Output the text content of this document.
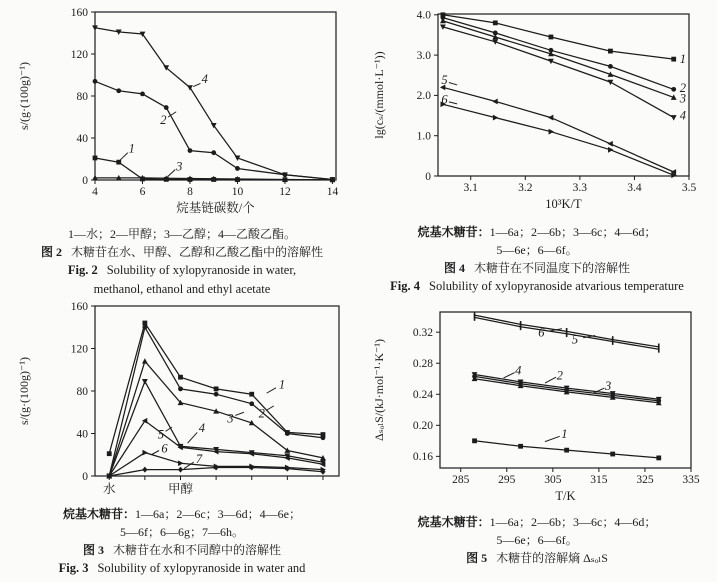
4	6	8	10	12	14
0
40
80
120
160
烷基链碳数/个
s/(g·(100g)⁻¹)
1
2
3
4

1—水；2—甲醇；3—乙醇；4—乙酸乙酯。

图 2 木糖苷在水、甲醇、乙醇和乙酸乙酯中的溶解性

Fig. 2 Solubility of xylopyranoside in water,

methanol, ethanol and ethyl acetate

3.1	3.2	3.3	3.4	3.5
0
1.0
2.0
3.0
4.0
10³K/T
lg(cₛ/(mmol·L⁻¹))	1
2
3
4
5
6

烷基木糖苷：1—6a；2—6b；3—6c；4—6d；

5—6e；6—6f。

图 4 木糖苷在不同温度下的溶解性

Fig. 4 Solubility of xylopyranoside atvarious temperature

0
40
80
120
160
水	甲醇
s/(g·(100g)⁻¹)	1
2
3
4
5
6
7

烷基木糖苷：1—6a；2—6c；3—6d；4—6e；

5—6f；6—6g；7—6h。

图 3 木糖苷在水和不同醇中的溶解性

Fig. 3 Solubility of xylopyranoside in water and

285	295	305	315	325	335
0.16
0.20
0.24
0.28
0.32
T/K
ΔₛₒₗS/(kJ·mol⁻¹·K⁻¹)
6 5
4	2
3
1

烷基木糖苷：1—6a；2—6b；3—6c；4—6d；

5—6e；6—6f。

图 5 木糖苷的溶解熵 ΔₛₒₗS
